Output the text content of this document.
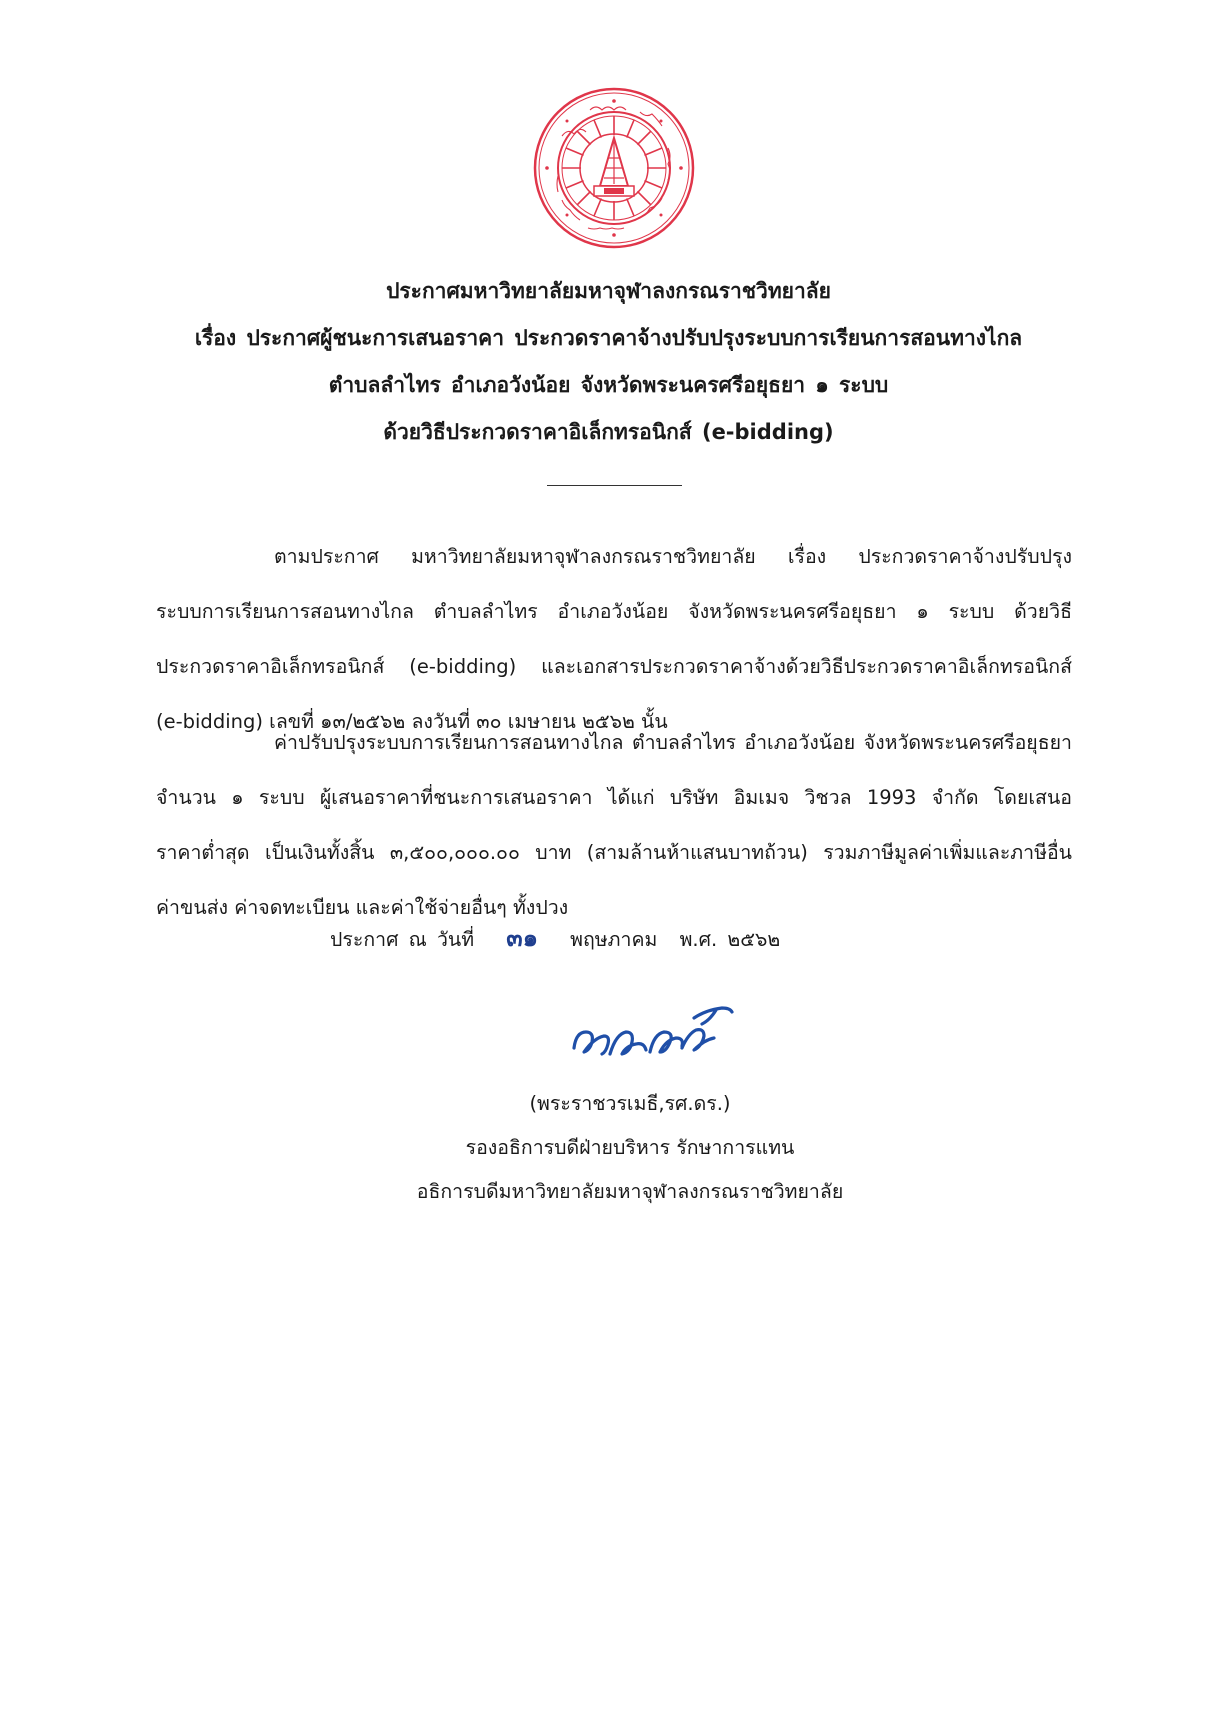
ประกาศมหาวิทยาลัยมหาจุฬาลงกรณราชวิทยาลัย
เรื่อง ประกาศผู้ชนะการเสนอราคา ประกวดราคาจ้างปรับปรุงระบบการเรียนการสอนทางไกล
ตำบลลำไทร อำเภอวังน้อย จังหวัดพระนครศรีอยุธยา ๑ ระบบ
ด้วยวิธีประกวดราคาอิเล็กทรอนิกส์ (e-bidding)
ตามประกาศ มหาวิทยาลัยมหาจุฬาลงกรณราชวิทยาลัย เรื่อง ประกวดราคาจ้างปรับปรุง
ระบบการเรียนการสอนทางไกล ตำบลลำไทร อำเภอวังน้อย จังหวัดพระนครศรีอยุธยา ๑ ระบบ ด้วยวิธี
ประกวดราคาอิเล็กทรอนิกส์ (e-bidding) และเอกสารประกวดราคาจ้างด้วยวิธีประกวดราคาอิเล็กทรอนิกส์
(e-bidding) เลขที่ ๑๓/๒๕๖๒ ลงวันที่ ๓๐ เมษายน ๒๕๖๒ นั้น
ค่าปรับปรุงระบบการเรียนการสอนทางไกล ตำบลลำไทร อำเภอวังน้อย จังหวัดพระนครศรีอยุธยา
จำนวน ๑ ระบบ ผู้เสนอราคาที่ชนะการเสนอราคา ได้แก่ บริษัท อิมเมจ วิชวล 1993 จำกัด โดยเสนอ
ราคาต่ำสุด เป็นเงินทั้งสิ้น ๓,๕๐๐,๐๐๐.๐๐ บาท (สามล้านห้าแสนบาทถ้วน) รวมภาษีมูลค่าเพิ่มและภาษีอื่น
ค่าขนส่ง ค่าจดทะเบียน และค่าใช้จ่ายอื่นๆ ทั้งปวง
ประกาศ ณ วันที่ ๓๑ พฤษภาคม พ.ศ. ๒๕๖๒
(พระราชวรเมธี,รศ.ดร.)
รองอธิการบดีฝ่ายบริหาร รักษาการแทน
อธิการบดีมหาวิทยาลัยมหาจุฬาลงกรณราชวิทยาลัย
